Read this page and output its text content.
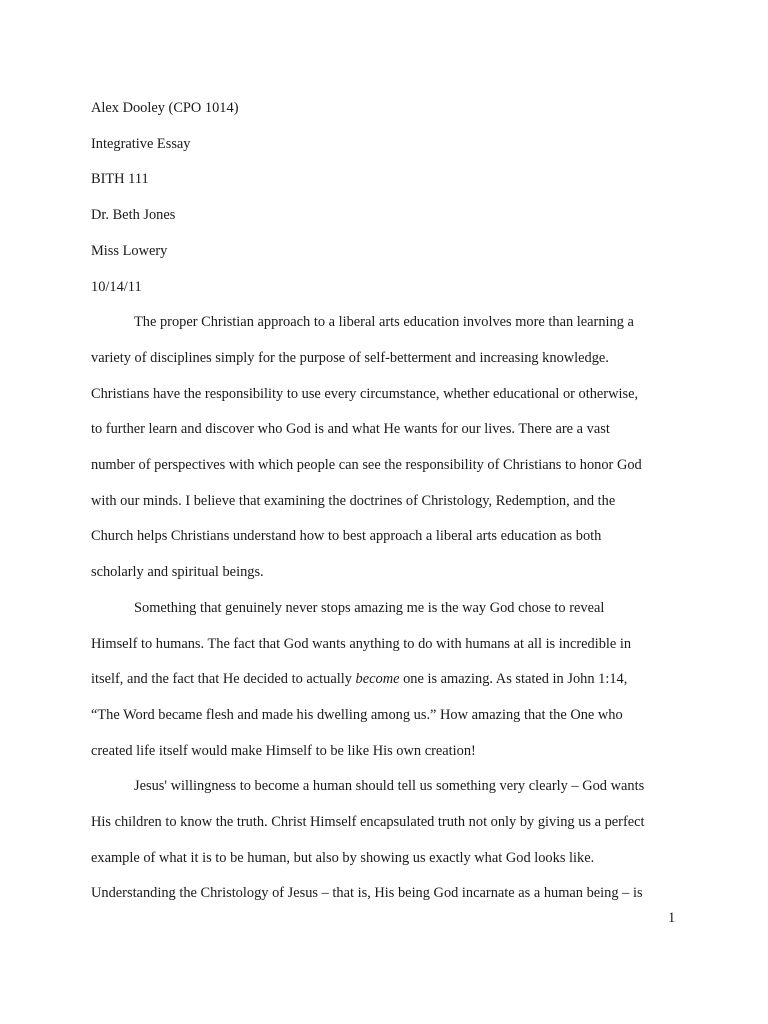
Alex Dooley (CPO 1014)
Integrative Essay
BITH 111
Dr. Beth Jones
Miss Lowery
10/14/11
The proper Christian approach to a liberal arts education involves more than learning a
variety of disciplines simply for the purpose of self-betterment and increasing knowledge.
Christians have the responsibility to use every circumstance, whether educational or otherwise,
to further learn and discover who God is and what He wants for our lives. There are a vast
number of perspectives with which people can see the responsibility of Christians to honor God
with our minds. I believe that examining the doctrines of Christology, Redemption, and the
Church helps Christians understand how to best approach a liberal arts education as both
scholarly and spiritual beings.
Something that genuinely never stops amazing me is the way God chose to reveal
Himself to humans. The fact that God wants anything to do with humans at all is incredible in
itself, and the fact that He decided to actually become one is amazing. As stated in John 1:14,
“The Word became flesh and made his dwelling among us.” How amazing that the One who
created life itself would make Himself to be like His own creation!
Jesus' willingness to become a human should tell us something very clearly – God wants
His children to know the truth. Christ Himself encapsulated truth not only by giving us a perfect
example of what it is to be human, but also by showing us exactly what God looks like.
Understanding the Christology of Jesus – that is, His being God incarnate as a human being – is
1
